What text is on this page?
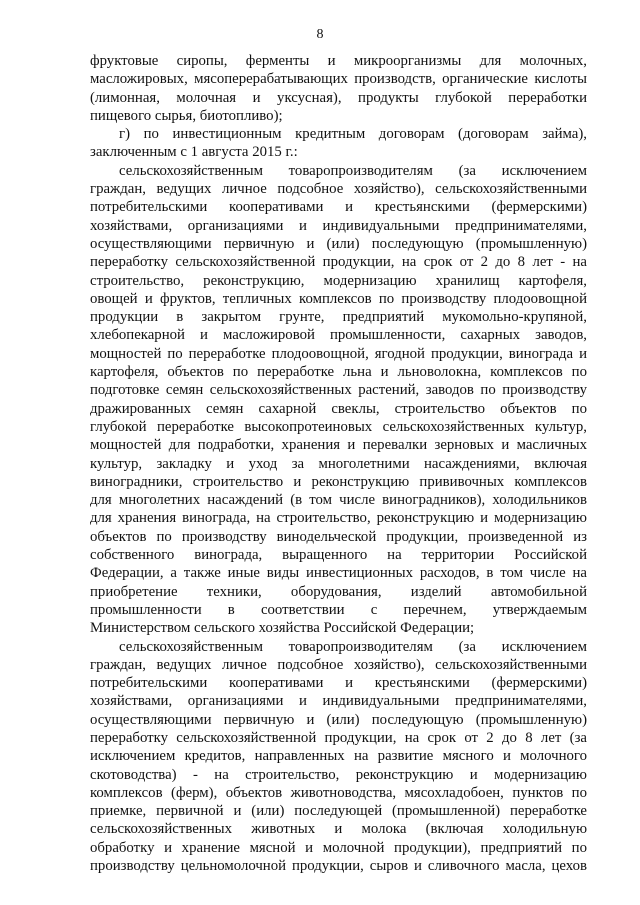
8
фруктовые сиропы, ферменты и микроорганизмы для молочных,
масложировых, мясоперерабатывающих производств, органические кислоты
(лимонная, молочная и уксусная), продукты глубокой переработки
пищевого сырья, биотопливо);
г) по инвестиционным кредитным договорам (договорам займа),
заключенным с 1 августа 2015 г.:
сельскохозяйственным товаропроизводителям (за исключением
граждан, ведущих личное подсобное хозяйство), сельскохозяйственными
потребительскими кооперативами и крестьянскими (фермерскими)
хозяйствами, организациями и индивидуальными предпринимателями,
осуществляющими первичную и (или) последующую (промышленную)
переработку сельскохозяйственной продукции, на срок от 2 до 8 лет - на
строительство, реконструкцию, модернизацию хранилищ картофеля,
овощей и фруктов, тепличных комплексов по производству плодоовощной
продукции в закрытом грунте, предприятий мукомольно-крупяной,
хлебопекарной и масложировой промышленности, сахарных заводов,
мощностей по переработке плодоовощной, ягодной продукции, винограда и
картофеля, объектов по переработке льна и льноволокна, комплексов по
подготовке семян сельскохозяйственных растений, заводов по производству
дражированных семян сахарной свеклы, строительство объектов по
глубокой переработке высокопротеиновых сельскохозяйственных культур,
мощностей для подработки, хранения и перевалки зерновых и масличных
культур, закладку и уход за многолетними насаждениями, включая
виноградники, строительство и реконструкцию прививочных комплексов
для многолетних насаждений (в том числе виноградников), холодильников
для хранения винограда, на строительство, реконструкцию и модернизацию
объектов по производству винодельческой продукции, произведенной из
собственного винограда, выращенного на территории Российской
Федерации, а также иные виды инвестиционных расходов, в том числе на
приобретение техники, оборудования, изделий автомобильной
промышленности в соответствии с перечнем, утверждаемым
Министерством сельского хозяйства Российской Федерации;
сельскохозяйственным товаропроизводителям (за исключением
граждан, ведущих личное подсобное хозяйство), сельскохозяйственными
потребительскими кооперативами и крестьянскими (фермерскими)
хозяйствами, организациями и индивидуальными предпринимателями,
осуществляющими первичную и (или) последующую (промышленную)
переработку сельскохозяйственной продукции, на срок от 2 до 8 лет (за
исключением кредитов, направленных на развитие мясного и молочного
скотоводства) - на строительство, реконструкцию и модернизацию
комплексов (ферм), объектов животноводства, мясохладобоен, пунктов по
приемке, первичной и (или) последующей (промышленной) переработке
сельскохозяйственных животных и молока (включая холодильную
обработку и хранение мясной и молочной продукции), предприятий по
производству цельномолочной продукции, сыров и сливочного масла, цехов
